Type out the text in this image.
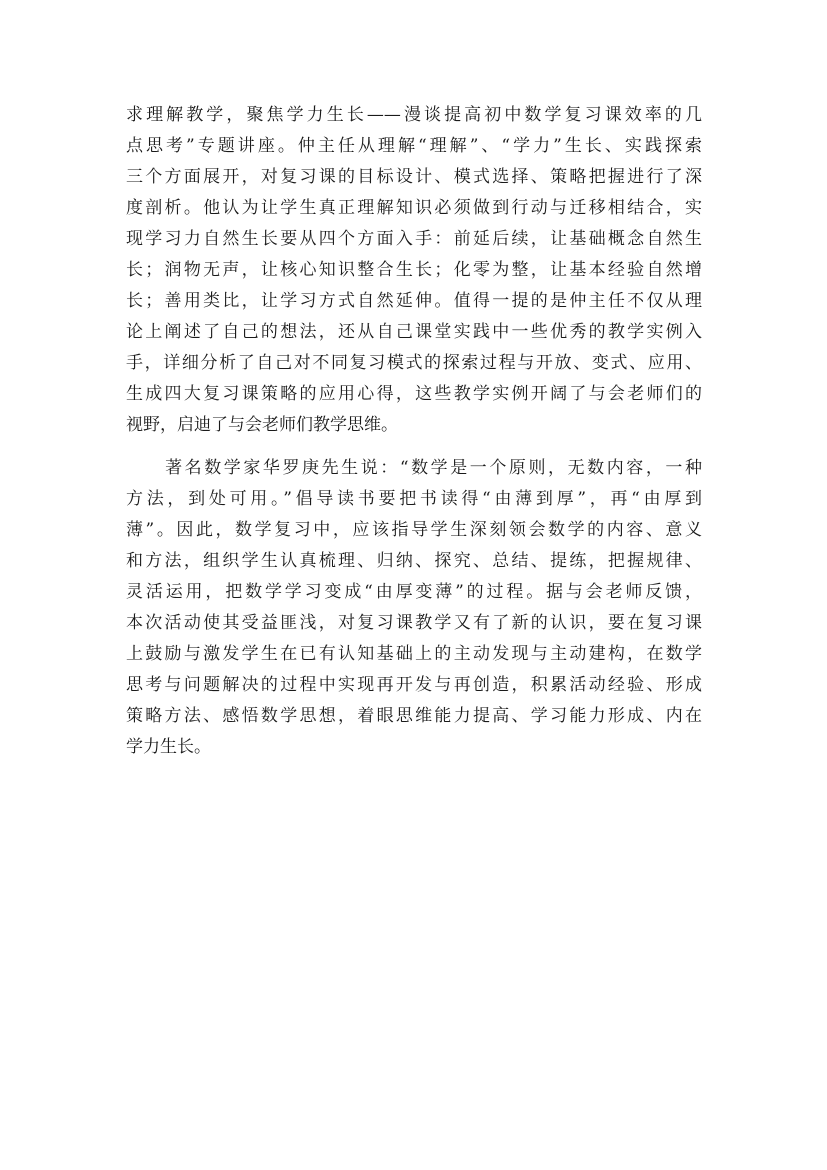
求理解教学，聚焦学力生长——漫谈提高初中数学复习课效率的几
点思考”专题讲座。仲主任从理解“理解”、“学力”生长、实践探索
三个方面展开，对复习课的目标设计、模式选择、策略把握进行了深
度剖析。他认为让学生真正理解知识必须做到行动与迁移相结合，实
现学习力自然生长要从四个方面入手：前延后续，让基础概念自然生
长；润物无声，让核心知识整合生长；化零为整，让基本经验自然增
长；善用类比，让学习方式自然延伸。值得一提的是仲主任不仅从理
论上阐述了自己的想法，还从自己课堂实践中一些优秀的教学实例入
手，详细分析了自己对不同复习模式的探索过程与开放、变式、应用、
生成四大复习课策略的应用心得，这些教学实例开阔了与会老师们的
视野，启迪了与会老师们教学思维。
　　著名数学家华罗庚先生说：“数学是一个原则，无数内容，一种
方法，到处可用。”倡导读书要把书读得“由薄到厚”，再“由厚到
薄”。因此，数学复习中，应该指导学生深刻领会数学的内容、意义
和方法，组织学生认真梳理、归纳、探究、总结、提练，把握规律、
灵活运用，把数学学习变成“由厚变薄”的过程。据与会老师反馈，
本次活动使其受益匪浅，对复习课教学又有了新的认识，要在复习课
上鼓励与激发学生在已有认知基础上的主动发现与主动建构，在数学
思考与问题解决的过程中实现再开发与再创造，积累活动经验、形成
策略方法、感悟数学思想，着眼思维能力提高、学习能力形成、内在
学力生长。
